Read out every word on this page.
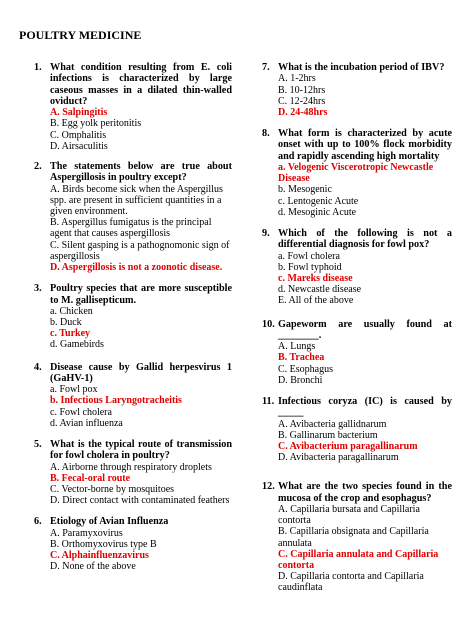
POULTRY MEDICINE
1. What condition resulting from E. coli infections is characterized by large caseous masses in a dilated thin-walled oviduct?
A. Salpingitis
B. Egg yolk peritonitis
C. Omphalitis
D. Airsaculitis
2. The statements below are true about Aspergillosis in poultry except?
A. Birds become sick when the Aspergillus spp. are present in sufficient quantities in a given environment.
B. Aspergillus fumigatus is the principal agent that causes aspergillosis
C. Silent gasping is a pathognomonic sign of aspergillosis
D. Aspergillosis is not a zoonotic disease.
3. Poultry species that are more susceptible to M. gallisepticum.
a. Chicken
b. Duck
c. Turkey
d. Gamebirds
4. Disease cause by Gallid herpesvirus 1 (GaHV-1)
a. Fowl pox
b. Infectious Laryngotracheitis
c. Fowl cholera
d. Avian influenza
5. What is the typical route of transmission for fowl cholera in poultry?
A. Airborne through respiratory droplets
B. Fecal-oral route
C. Vector-borne by mosquitoes
D. Direct contact with contaminated feathers
6. Etiology of Avian Influenza
A. Paramyxovirus
B. Orthomyxovirus type B
C. Alphainfluenzavirus
D. None of the above
7. What is the incubation period of IBV?
A. 1-2hrs
B. 10-12hrs
C. 12-24hrs
D. 24-48hrs
8. What form is characterized by acute onset with up to 100% flock morbidity and rapidly ascending high mortality
a. Velogenic Viscerotropic Newcastle Disease
b. Mesogenic
c. Lentogenic Acute
d. Mesoginic Acute
9. Which of the following is not a differential diagnosis for fowl pox?
a. Fowl cholera
b. Fowl typhoid
c. Mareks disease
d. Newcastle disease
E. All of the above
10. Gapeworm are usually found at ________.
A. Lungs
B. Trachea
C. Esophagus
D. Bronchi
11. Infectious coryza (IC) is caused by _____
A. Avibacteria gallidnarum
B. Gallinarum bacterium
C. Avibacterium paragallinarum
D. Avibacteria paragallinarum
12. What are the two species found in the mucosa of the crop and esophagus?
A. Capillaria bursata and Capillaria contorta
B. Capillaria obsignata and Capillaria annulata
C. Capillaria annulata and Capillaria contorta
D. Capillaria contorta and Capillaria caudinflata
